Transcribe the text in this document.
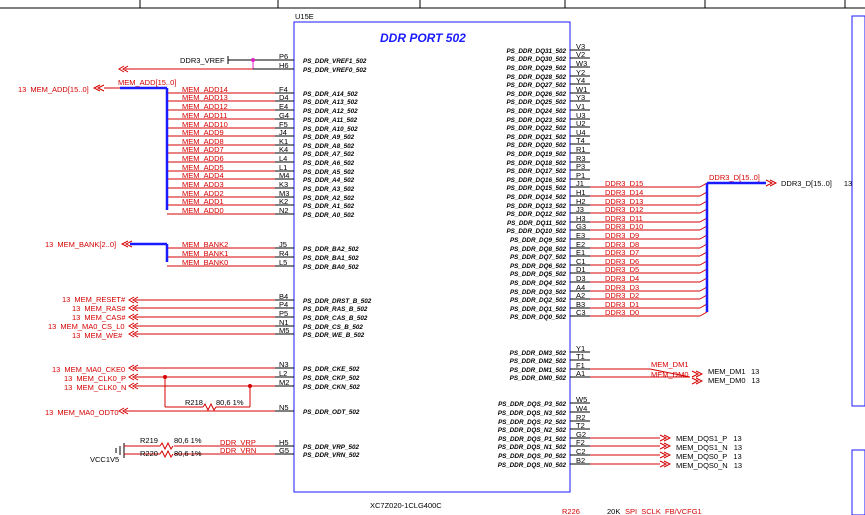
U15E
DDR PORT 502
XC7Z020-1CLG400C
P6
PS_DDR_VREF1_502
DDR3_VREF
H6
PS_DDR_VREF0_502
F4
PS_DDR_A14_502
MEM_ADD14
D4
PS_DDR_A13_502
MEM_ADD13
E4
PS_DDR_A12_502
MEM_ADD12
G4
PS_DDR_A11_502
MEM_ADD11
F5
PS_DDR_A10_502
MEM_ADD10
J4
PS_DDR_A9_502
MEM_ADD9
K1
PS_DDR_A8_502
MEM_ADD8
K4
PS_DDR_A7_502
MEM_ADD7
L4
PS_DDR_A6_502
MEM_ADD6
L1
PS_DDR_A5_502
MEM_ADD5
M4
PS_DDR_A4_502
MEM_ADD4
K3
PS_DDR_A3_502
MEM_ADD3
M3
PS_DDR_A2_502
MEM_ADD2
K2
PS_DDR_A1_502
MEM_ADD1
N2
PS_DDR_A0_502
MEM_ADD0
J5
PS_DDR_BA2_502
MEM_BANK2
R4
PS_DDR_BA1_502
MEM_BANK1
L5
PS_DDR_BA0_502
MEM_BANK0
B4
PS_DDR_DRST_B_502
P4
PS_DDR_RAS_B_502
P5
PS_DDR_CAS_B_502
N1
PS_DDR_CS_B_502
M5
PS_DDR_WE_B_502
N3
PS_DDR_CKE_502
L2
PS_DDR_CKP_502
M2
PS_DDR_CKN_502
N5
PS_DDR_ODT_502
H5
PS_DDR_VRP_502
DDR_VRP
G5
PS_DDR_VRN_502
DDR_VRN
V3
PS_DDR_DQ31_502 V2
PS_DDR_DQ30_502 W3
PS_DDR_DQ29_502 Y2
PS_DDR_DQ28_502 Y4
PS_DDR_DQ27_502 W1
PS_DDR_DQ26_502 Y3
PS_DDR_DQ25_502 V1
PS_DDR_DQ24_502 U3
PS_DDR_DQ23_502 U2
PS_DDR_DQ22_502 U4
PS_DDR_DQ21_502 T4
PS_DDR_DQ20_502 R1
PS_DDR_DQ19_502 R3
PS_DDR_DQ18_502 P3
PS_DDR_DQ17_502 P1
PS_DDR_DQ16_502 J1
PS_DDR_DQ15_502
DDR3_D15
H1
PS_DDR_DQ14_502
DDR3_D14
H2
PS_DDR_DQ13_502
DDR3_D13
J3
PS_DDR_DQ12_502
DDR3_D12
H3
PS_DDR_DQ11_502
DDR3_D11
G3
PS_DDR_DQ10_502
DDR3_D10
E3
PS_DDR_DQ9_502
DDR3_D9
E2
PS_DDR_DQ8_502
DDR3_D8
E1
PS_DDR_DQ7_502
DDR3_D7
C1
PS_DDR_DQ6_502
DDR3_D6
D1
PS_DDR_DQ5_502
DDR3_D5
D3
PS_DDR_DQ4_502
DDR3_D4
A4
PS_DDR_DQ3_502
DDR3_D3
A2
PS_DDR_DQ2_502
DDR3_D2
B3
PS_DDR_DQ1_502
DDR3_D1
C3
PS_DDR_DQ0_502
DDR3_D0
Y1
PS_DDR_DM3_502 T1
PS_DDR_DM2_502 F1
PS_DDR_DM1_502 A1
PS_DDR_DM0_502	MEM_DM0
W5
PS_DDR_DQS_P3_502 W4
PS_DDR_DQS_N3_502 R2
PS_DDR_DQS_P2_502 T2
PS_DDR_DQS_N2_502 G2
PS_DDR_DQS_P1_502 F2
PS_DDR_DQS_N1_502 C2
PS_DDR_DQS_P0_502 B2
PS_DDR_DQS_N0_502
MEM_ADD[15..0]
13 MEM_ADD[15..0]
13 MEM_BANK[2..0]
DDR3_D[15..0]
DDR3_D[15..0] 13
13 MEM_RESET#
13 MEM_RAS#
13 MEM_CAS#
13 MEM_MA0_CS_L0
13 MEM_WE#
13 MEM_MA0_CKE0
13 MEM_CLK0_P
13 MEM_CLK0_N
13 MEM_MA0_ODT0
R218 80,6 1%
VCC1V5
R219 80,6 1%
R220 80,6 1%
MEM_DM1
MEM_DM1 13
MEM_DM0 13
MEM_DQS1_P 13
MEM_DQS1_N 13
MEM_DQS0_P 13
MEM_DQS0_N 13
R226	20K SPI_SCLK_FB/VCFG1
